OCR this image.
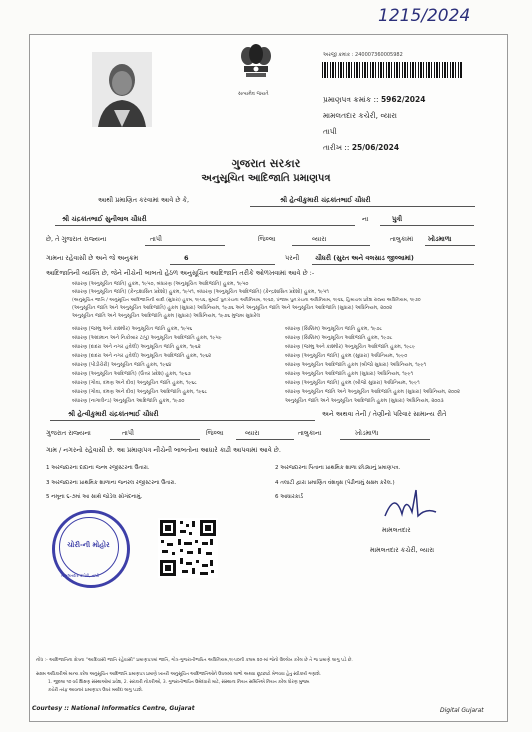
1215/2024
સત્યમેવ જયતે
અરજી ક્રમાંક : 240007360005982
પ્રમાણપત્ર ક્રમાંક :: 5962/2024
મામલતદાર કચેરી, વ્યારા
તાપી
તારીખ :: 25/06/2024
ગુજરાત સરકાર
અનુસૂચિત આદિજાતિ પ્રમાણપત્ર
આથી પ્રમાણિત કરવામાં આવે છે કે,	શ્રી હેત્વીકુમારી ચંદ્રકાંતભાઈ ચૌધરી
શ્રી ચંદ્રકાંતભાઈ સુનીલાલ ચૌધરી	ના	પુત્રી
છે, તે ગુજરાત રાજ્યના	તાપી	જિલ્લા	વ્યારા	તાલુકામાં ખોડમાળા
ગામના રહેવાસી છે અને જે અનુક્રમ	6	પરની ચૌધરી (સુરત અને વલસાડ જીલ્લામાં)
આદિજાતિની વ્યક્તિ છે, જેને નીચેની બાબતો હેઠળ અનુસૂચિત આદિજાતિ તરીકે ઓળખવામાં આવે છે :-
બંધારણ (અનુસૂચિત જાતિ) હુકમ, ૧૯૫૦, બંધારણ (અનુસૂચિત આદિજાતિ) હુકમ, ૧૯૫૦
બંધારણ (અનુસૂચિત જાતિ) (કેન્દ્રશાસિત પ્રદેશો) હુકમ, ૧૯૫૧, બંધારણ (અનુસૂચિત આદિજાતિ) (કેન્દ્રશાસિત પ્રદેશો) હુકમ, ૧૯૫૧
(અનુસૂચિત જાતિ / અનુસૂચિત આદિજાતિની યાદી (સુધારા) હુકમ, ૧૯૫૬, મુંબઈ પુનઃરચના અધિનિયમ, ૧૯૬૦, પંજાબ પુનઃરચના અધિનિયમ, ૧૯૬૬, હિમાચલ પ્રદેશ રાજ્ય અધિનિયમ, ૧૯૭૦
(અનુસૂચિત જાતિ અને અનુસૂચિત આદિજાતિ) હુકમ (સુધારા) અધિનિયમ, ૧૯૭૬ અને અનુસૂચિત જાતિ અને અનુસૂચિત આદિજાતિ (સુધારા) અધિનિયમ, ૨૦૦૨
અનુસૂચિત જાતિ અને અનુસૂચિત આદિજાતિ હુકમ (સુધારા) અધિનિયમ, ૧૯૭૬ મુજબ સુધારેલ
બંધારણ (જમ્મુ અને કાશ્મીર) અનુસૂચિત જાતિ હુકમ, ૧૯૫૬
બંધારણ (અંદામાન અને નિકોબાર ટાપુ) અનુસૂચિત આદિજાતિ હુકમ, ૧૯૫૯
બંધારણ (દાદરા અને નગર હવેલી) અનુસૂચિત જાતિ હુકમ, ૧૯૬૨
બંધારણ (દાદરા અને નગર હવેલી) અનુસૂચિત આદિજાતિ હુકમ, ૧૯૬૨
બંધારણ (પોંડીચેરી) અનુસૂચિત જાતિ હુકમ, ૧૯૬૪
બંધારણ (અનુસૂચિત આદિજાતિ) (ઉત્તર પ્રદેશ) હુકમ, ૧૯૬૭
બંધારણ (ગોવા, દમણ અને દીવ) અનુસૂચિત જાતિ હુકમ, ૧૯૬૮
બંધારણ (ગોવા, દમણ અને દીવ) અનુસૂચિત આદિજાતિ હુકમ, ૧૯૬૮
બંધારણ (નાગાલેન્ડ) અનુસૂચિત આદિજાતિ હુકમ, ૧૯૭૦
બંધારણ (સિક્કિમ) અનુસૂચિત જાતિ હુકમ, ૧૯૭૮
બંધારણ (સિક્કિમ) અનુસૂચિત આદિજાતિ હુકમ, ૧૯૭૮
બંધારણ (જમ્મુ અને કાશ્મીર) અનુસૂચિત આદિજાતિ હુકમ, ૧૯૮૯
બંધારણ (અનુસૂચિત જાતિ) હુકમ (સુધારા) અધિનિયમ, ૧૯૯૦
બંધારણ અનુસૂચિત આદિજાતિ હુકમ (બીજો સુધારા) અધિનિયમ, ૧૯૯૧
બંધારણ અનુસૂચિત આદિજાતિ હુકમ (સુધારા) અધિનિયમ, ૧૯૯૧
બંધારણ (અનુસૂચિત જાતિ) હુકમ (બીજો સુધારા) અધિનિયમ, ૧૯૯૧
બંધારણ અનુસૂચિત જાતિ અને અનુસૂચિત આદિજાતિ હુકમ (સુધારા) અધિનિયમ, ૨૦૦૨
અનુસૂચિત જાતિ અને અનુસૂચિત આદિજાતિ હુકમ (સુધારા) અધિનિયમ, ૨૦૦૩
શ્રી હેત્વીકુમારી ચંદ્રકાંતભાઈ ચૌધરી	અને અથવા તેની / તેણીનો પરિવાર સામાન્ય રીતે
ગુજરાત રાજ્યના	તાપી	જિલ્લા	વ્યારા	તાલુકાના	ખોડમાળા
ગામ / નગરનો રહેવાસી છે. આ પ્રમાણપત્ર નીચેની બાબતોના આધારે કાઢી આપવામાં આવે છે.
1 અરજદારના દાદાના જન્મ રજીસ્ટરના ઉતારા.	2 અરજદારના પિતાના પ્રાથમિક શાળા છોડ્યાનું પ્રમાણપત્ર.
3 અરજદારના પ્રાથમિક શાળાના જનરલ રજીસ્ટરના ઉતારા.	4 તલાટી દ્વારા પ્રમાણિત વંશવૃક્ષ (પેઢીનામું સક્ષમ કરેલ.)
5 નમૂના ૬-૭માં આ સાથે જોડેલ સોગંદનામું.	6 આધારકાર્ડ
ચોરી-ની મોહોર
મામલતદાર કચેરી, તાપી
મામલતદાર
મામલતદાર કચેરી, વ્યારા
નોંધ :- આદિજાતિના ક્ષેત્રના "આદિવાસી જાતિ રહેવાસી" પ્રમાણપત્રમાં જાતિ, ગોત્ર-ગુજરાતીભાષિત અધિનિયમ,૧૯૫૦ની કલમ ૨૦-માં જેનો ઉલ્લેખ કરેલ છે તે જ પ્રમાણે લાગુ પડે છે.
સક્ષમ અધિકારીએ માન્ય કરેલ અનુસૂચિત આદિજાતિ પ્રમાણપત્ર પ્રમાણે ખાતરી અનુસૂચિત આદિજાતિઓને ઉપલબ્ધ લાભો અથવા છૂટછાટો મેળવવા હેતુ સ્વીકાર્ય ગણાશે.
1. જીલ્લા ૧૦ વર્ષ શિક્ષણ સંસ્થાઓમાં પ્રવેશ, 2. સરકારી નોકરીઓ, 3. ગુજરાતીભાષિત ઉમેદવારો માટે, સંસ્થાના નિયત સમિતિએ નિયત કરેલ ધોરણ મુજબ
કચેરી તરફ આવનાર પ્રમાણપત્ર ઉપર મર્યાદા લાગુ પડશે.
Courtesy :: National Informatics Centre, Gujarat	Digital Gujarat
